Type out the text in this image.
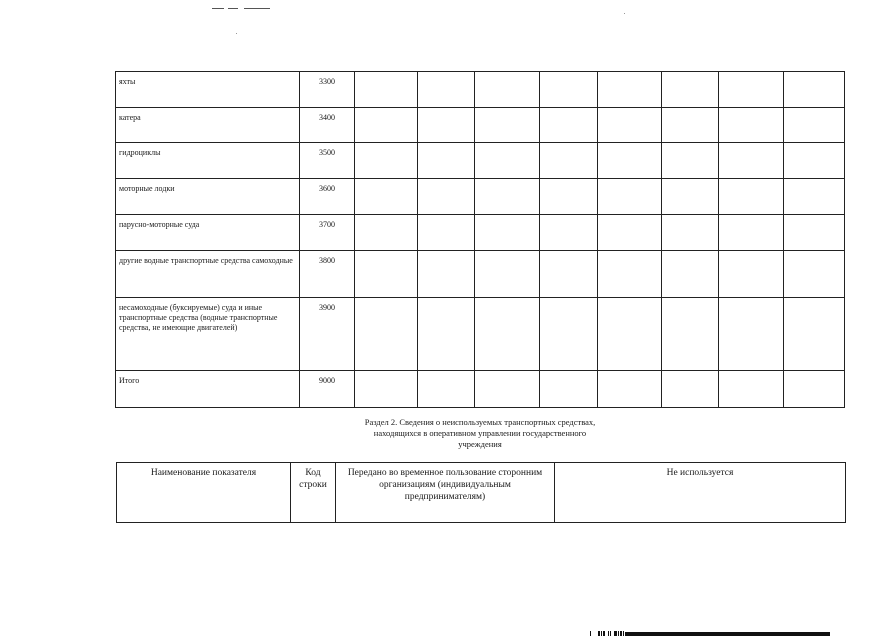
яхты	3300								
катера	3400								
гидроциклы	3500								
моторные лодки	3600								
парусно-моторные суда	3700								
другие водные транспортные средства самоходные	3800								
несамоходные (буксируемые) суда и иные транспортные средства (водные транспортные средства, не имеющие двигателей)	3900								
Итого	9000								
Раздел 2. Сведения о неиспользуемых транспортных средствах,
находящихся в оперативном управлении государственного
учреждения
Наименование показателя	Код строки	Передано во временное пользование сторонним организациям (индивидуальным предпринимателям)	Не используется
